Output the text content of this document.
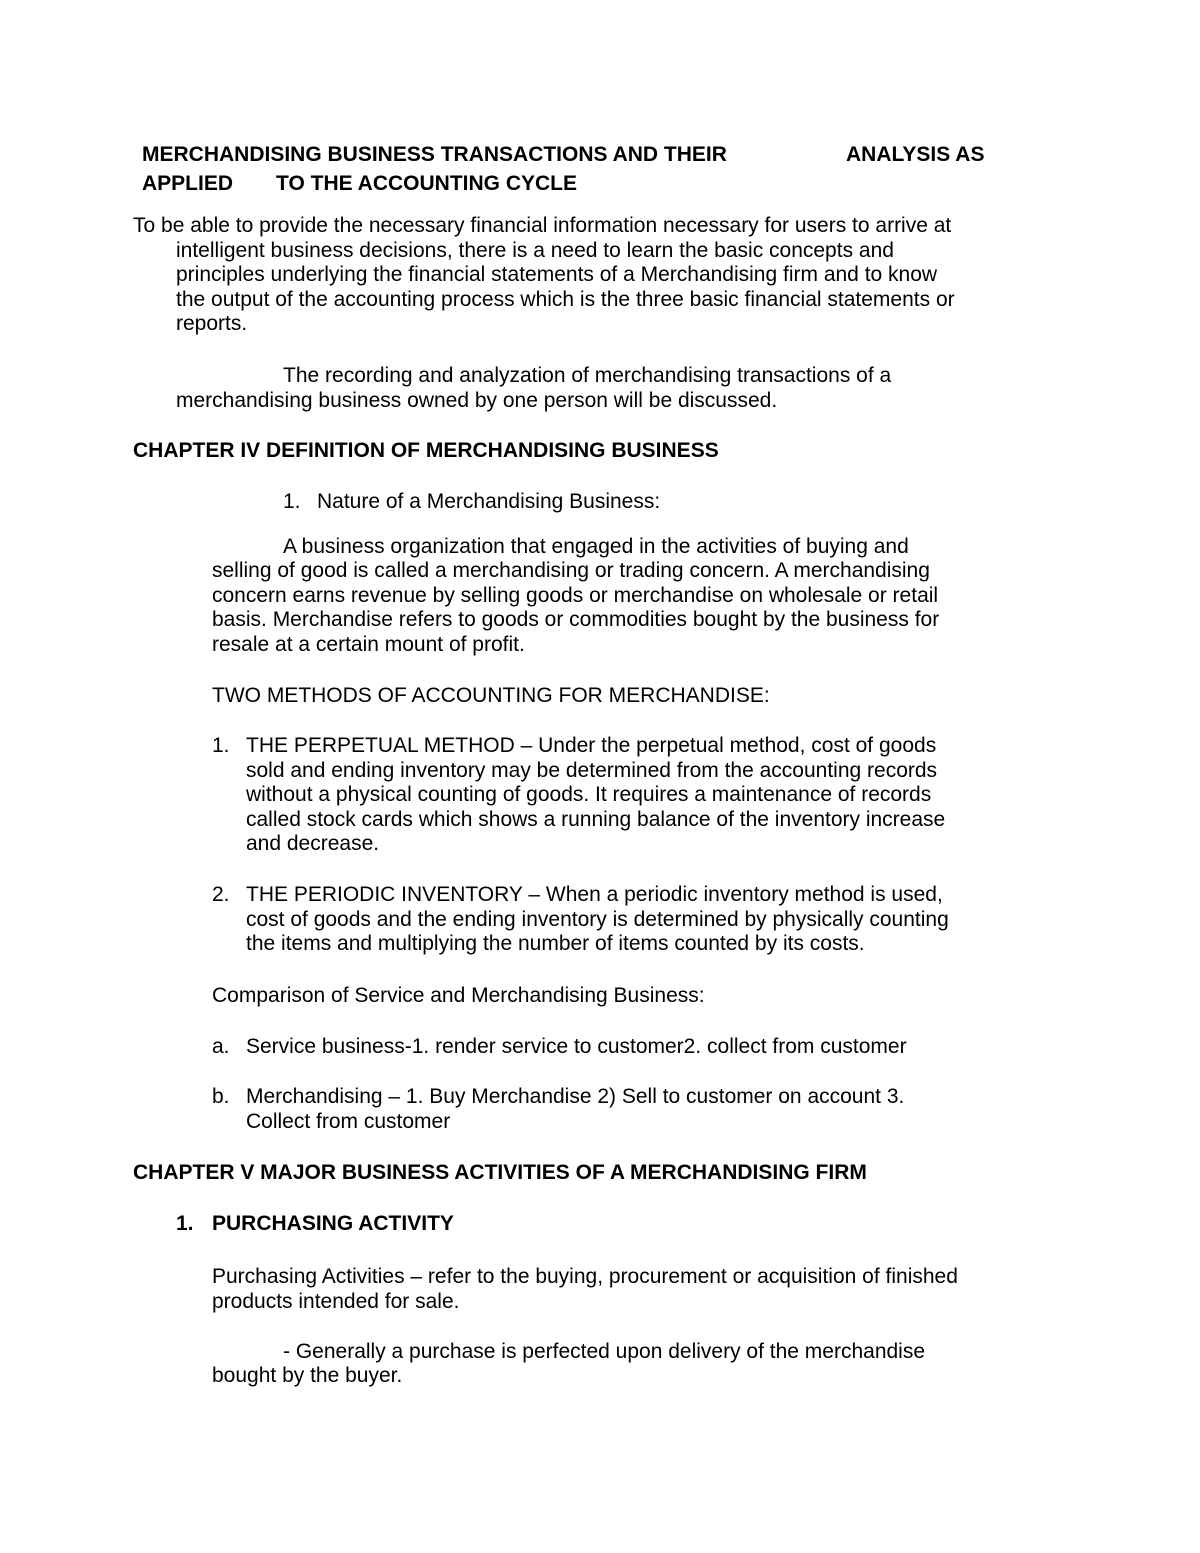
MERCHANDISING BUSINESS TRANSACTIONS AND THEIR	ANALYSIS AS
APPLIED TO THE ACCOUNTING CYCLE
To be able to provide the necessary financial information necessary for users to arrive at
intelligent business decisions, there is a need to learn the basic concepts and
principles underlying the financial statements of a Merchandising firm and to know
the output of the accounting process which is the three basic financial statements or
reports.
The recording and analyzation of merchandising transactions of a
merchandising business owned by one person will be discussed.
CHAPTER IV DEFINITION OF MERCHANDISING BUSINESS
1. Nature of a Merchandising Business:
A business organization that engaged in the activities of buying and
selling of good is called a merchandising or trading concern. A merchandising
concern earns revenue by selling goods or merchandise on wholesale or retail
basis. Merchandise refers to goods or commodities bought by the business for
resale at a certain mount of profit.
TWO METHODS OF ACCOUNTING FOR MERCHANDISE:
1. THE PERPETUAL METHOD – Under the perpetual method, cost of goods
sold and ending inventory may be determined from the accounting records
without a physical counting of goods. It requires a maintenance of records
called stock cards which shows a running balance of the inventory increase
and decrease.
2. THE PERIODIC INVENTORY – When a periodic inventory method is used,
cost of goods and the ending inventory is determined by physically counting
the items and multiplying the number of items counted by its costs.
Comparison of Service and Merchandising Business:
a. Service business-1. render service to customer2. collect from customer
b. Merchandising – 1. Buy Merchandise 2) Sell to customer on account 3.
Collect from customer
CHAPTER V MAJOR BUSINESS ACTIVITIES OF A MERCHANDISING FIRM
1. PURCHASING ACTIVITY
Purchasing Activities – refer to the buying, procurement or acquisition of finished
products intended for sale.
- Generally a purchase is perfected upon delivery of the merchandise
bought by the buyer.
